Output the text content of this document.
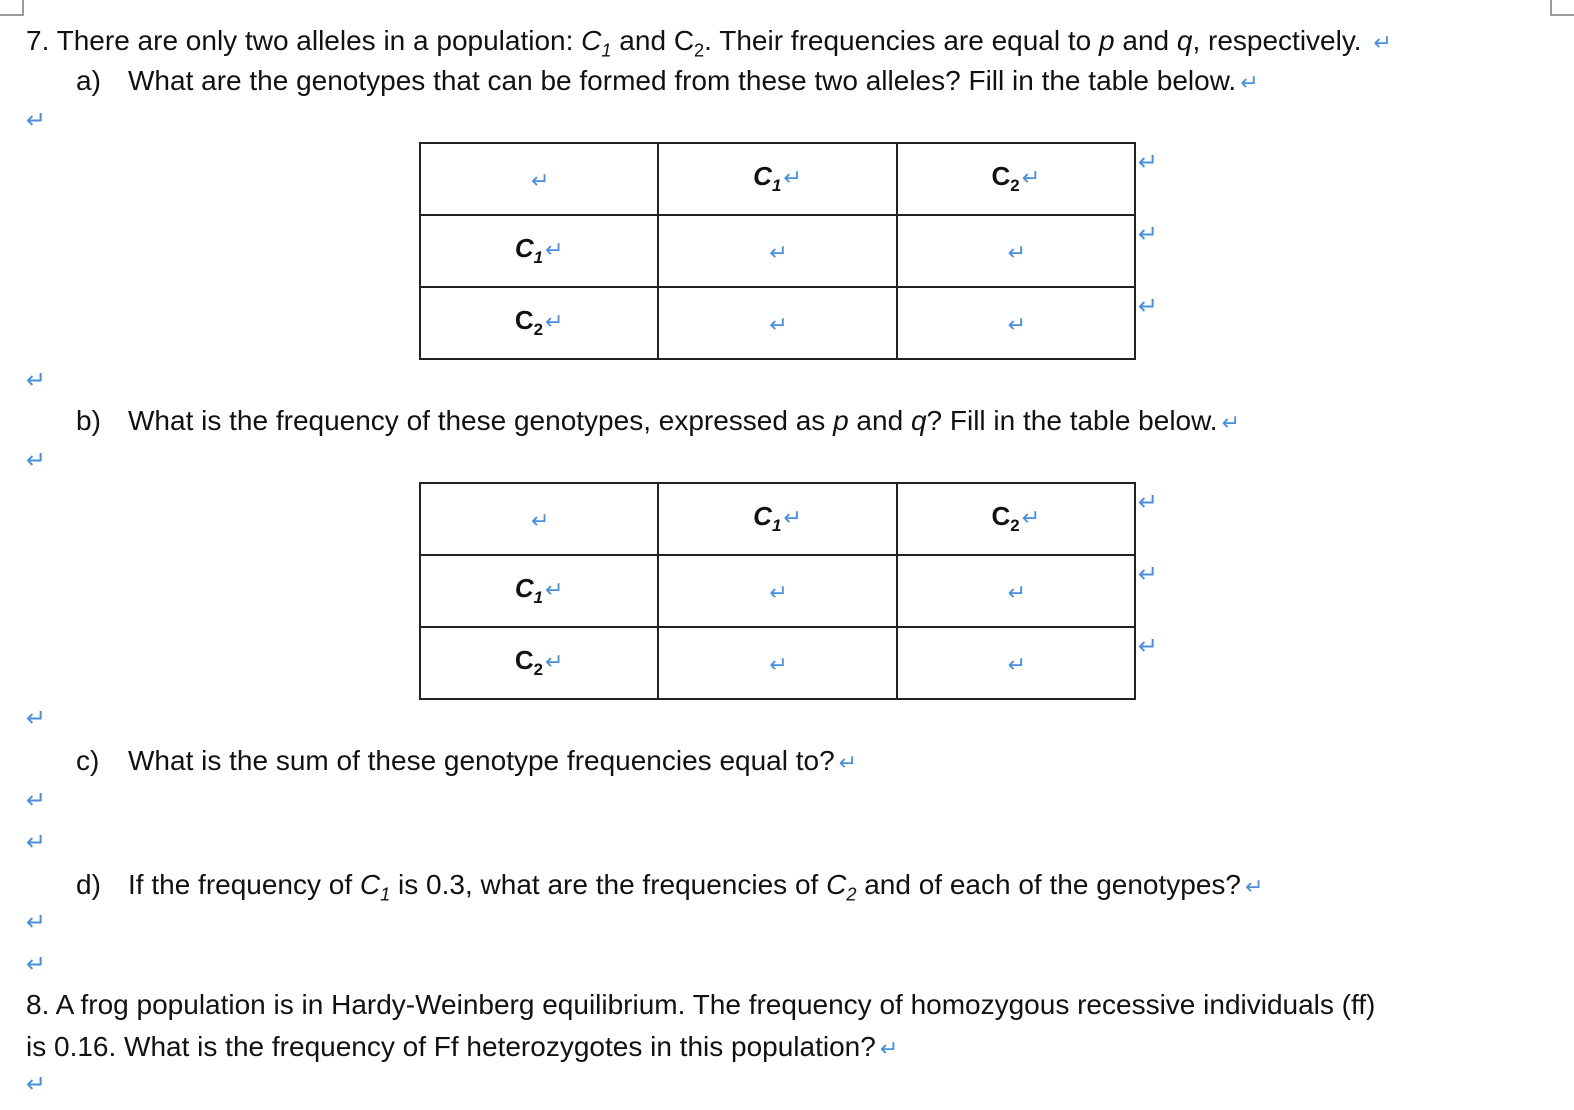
7. There are only two alleles in a population: $C_1$ and $C_2$. Their frequencies are equal to p and q, respectively. ↵
a) What are the genotypes that can be formed from these two alleles? Fill in the table below. ↵
↵
↵	$C_1↵$	$C_2↵$
$C_1↵$	↵	↵
$C_2↵$	↵	↵
↵
↵
↵
↵
b) What is the frequency of these genotypes, expressed as p and q? Fill in the table below. ↵
↵
↵	$C_1↵$	$C_2↵$
$C_1↵$	↵	↵
$C_2↵$	↵	↵
↵
↵
↵
↵
c) What is the sum of these genotype frequencies equal to? ↵
↵
↵
d) If the frequency of $C_1$ is 0.3, what are the frequencies of $C_2$ and of each of the genotypes? ↵
↵
↵
8. A frog population is in Hardy-Weinberg equilibrium. The frequency of homozygous recessive individuals (ff)
is 0.16. What is the frequency of Ff heterozygotes in this population? ↵
↵
